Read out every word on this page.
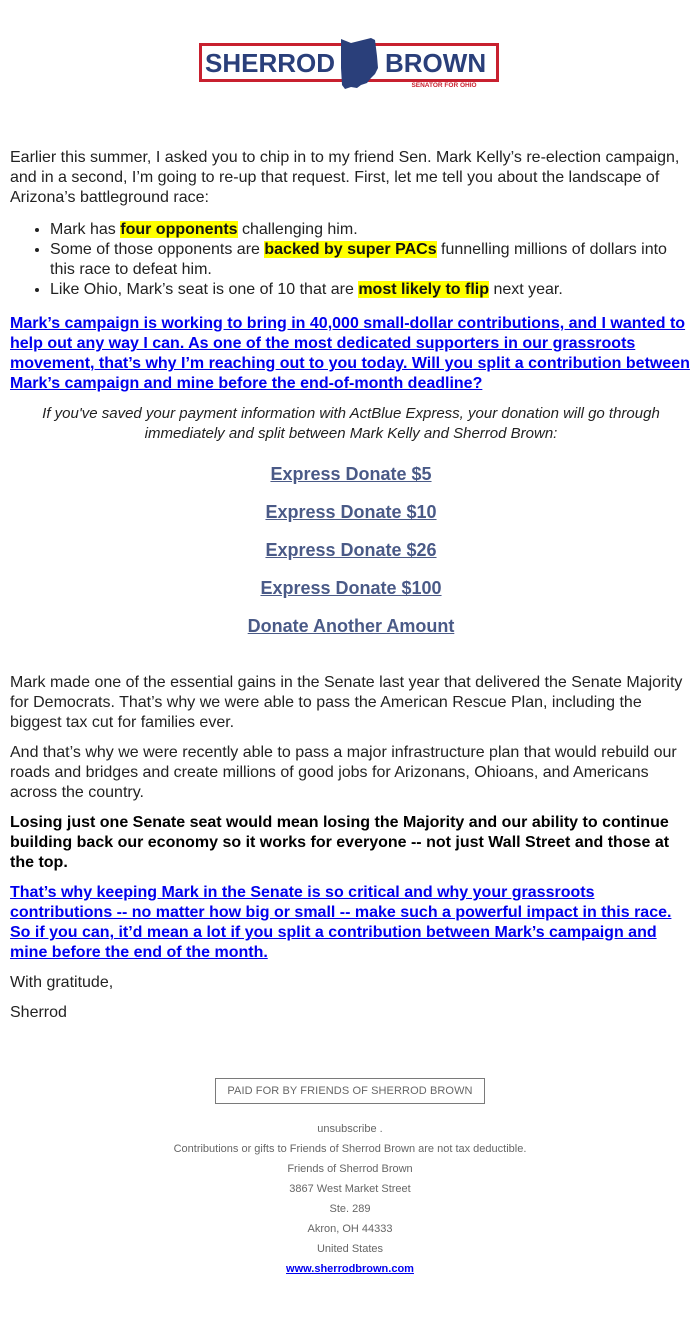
SHERROD BROWN
SENATOR FOR OHIO

Earlier this summer, I asked you to chip in to my friend Sen. Mark Kelly’s re-election campaign, and in a second, I’m going to re-up that request. First, let me tell you about the landscape of Arizona’s battleground race:

• Mark has four opponents challenging him.
• Some of those opponents are backed by super PACs funnelling millions of dollars into this race to defeat him.
• Like Ohio, Mark’s seat is one of 10 that are most likely to flip next year.
Mark’s campaign is working to bring in 40,000 small-dollar contributions, and I wanted to help out any way I can. As one of the most dedicated supporters in our grassroots movement, that’s why I’m reaching out to you today. Will you split a contribution between Mark’s campaign and mine before the end-of-month deadline?

If you've saved your payment information with ActBlue Express, your donation will go through immediately and split between Mark Kelly and Sherrod Brown:

Express Donate $5
Express Donate $10
Express Donate $26
Express Donate $100
Donate Another Amount

Mark made one of the essential gains in the Senate last year that delivered the Senate Majority for Democrats. That’s why we were able to pass the American Rescue Plan, including the biggest tax cut for families ever.

And that’s why we were recently able to pass a major infrastructure plan that would rebuild our roads and bridges and create millions of good jobs for Arizonans, Ohioans, and Americans across the country.

Losing just one Senate seat would mean losing the Majority and our ability to continue building back our economy so it works for everyone -- not just Wall Street and those at the top.

That’s why keeping Mark in the Senate is so critical and why your grassroots contributions -- no matter how big or small -- make such a powerful impact in this race. So if you can, it’d mean a lot if you split a contribution between Mark’s campaign and mine before the end of the month.

With gratitude,

Sherrod

PAID FOR BY FRIENDS OF SHERROD BROWN
unsubscribe .
Contributions or gifts to Friends of Sherrod Brown are not tax deductible.
Friends of Sherrod Brown
3867 West Market Street
Ste. 289
Akron, OH 44333
United States
www.sherrodbrown.com
